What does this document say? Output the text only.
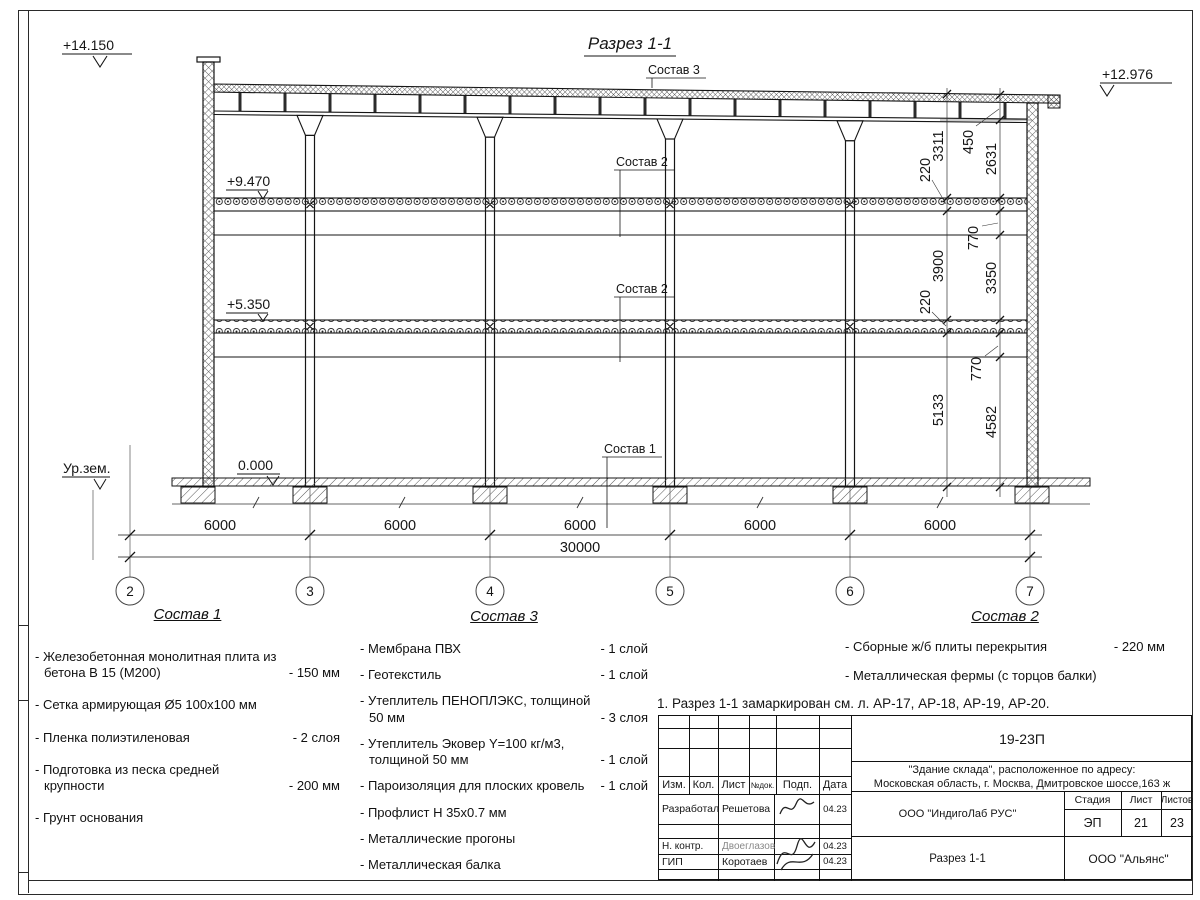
2	3	4	5	6	7
6000	6000	6000	6000	6000
30000
3311
220
3900
220
5133
450
2631
770
3350
770
4582
+14.150
+12.976
+9.470
+5.350
0.000
Ур.зем.
Состав 3
Состав 2
Состав 2
Состав 1
Разрез 1-1
Состав 1
- Железобетонная монолитная плита из бетона В 15 (М200)	- 150 мм
- Сетка армирующая Ø5 100x100 мм
- Пленка полиэтиленовая	- 2 слоя
- Подготовка из песка средней крупности	- 200 мм
- Грунт основания
Состав 3
- Мембрана ПВХ	- 1 слой
- Геотекстиль	- 1 слой
- Утеплитель ПЕНОПЛЭКС, толщиной 50 мм	- 3 слоя
- Утеплитель Эковер Y=100 кг/м3, толщиной 50 мм	- 1 слой
- Пароизоляция для плоских кровель - 1 слой
- Профлист Н 35х0.7 мм
- Металлические прогоны
- Металлическая балка
Состав 2
- Сборные ж/б плиты перекрытия	- 220 мм
- Металлическая фермы (с торцов балки)
1. Разрез 1-1 замаркирован см. л. АР-17, АР-18, АР-19, АР-20.
Изм. Кол. Лист №док. Подп. Дата
Разработал Решетова	04.23
Н. контр.	Двоеглазов	04.23
ГИП	Коротаев	04.23
19-23П
"Здание склада", расположенное по адресу:
Московская область, г. Москва, Дмитровское шоссе,163 ж
ООО "ИндигоЛаб РУС"
Стадия	Лист Листов
ЭП	21	23
Разрез 1-1	ООО "Альянс"
